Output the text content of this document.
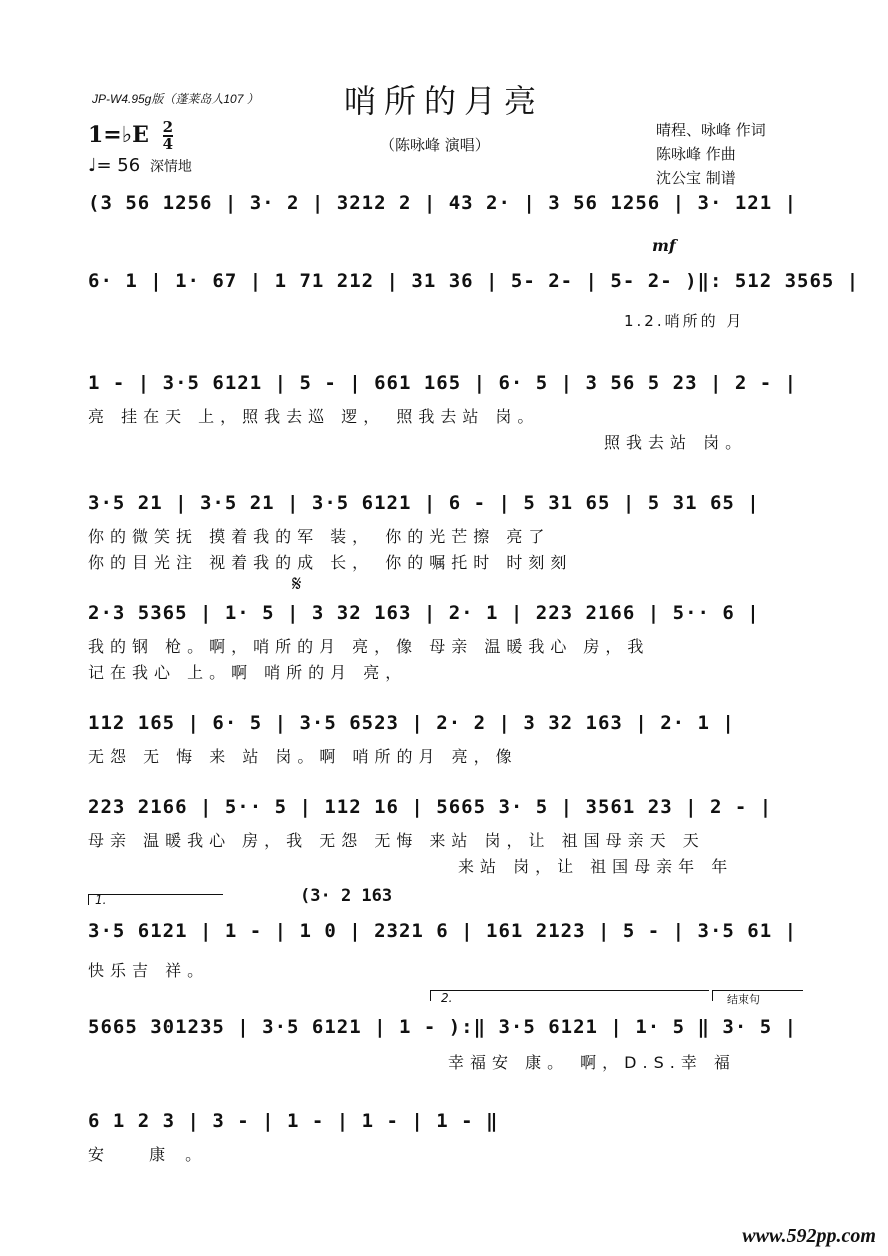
JP-W4.95g版（蓬莱岛人107 ）	哨所的月亮
（陈咏峰 演唱）
1=♭E $\frac{2}{4}$
♩= 56 深情地
晴程、咏峰 作词
陈咏峰 作曲
沈公宝 制谱
(3 56 1256 | 3· 2 | 3212 2 | 43 2· | 3 56 1256 | 3· 121 |
mf
6· 1 | 1· 67 | 1 71 212 | 31 36 | 5- 2- | 5- 2- )‖: 512 3565 |
1.2.哨所的 月
1 - | 3·5 6121 | 5 - | 661 165 | 6· 5 | 3 56 5 23 | 2 - |
亮 挂在天 上，照我去巡 逻， 照我去站 岗。
照我去站 岗。
3·5 21 | 3·5 21 | 3·5 6121 | 6 - | 5 31 65 | 5 31 65 |
你的微笑抚 摸着我的军 装， 你的光芒擦 亮了
你的目光注 视着我的成 长， 你的嘱托时 时刻刻
𝄋
2·3 5365 | 1· 5 | 3 32 163 | 2· 1 | 223 2166 | 5·· 6 |
我的钢 枪。啊，哨所的月 亮，像 母亲 温暖我心 房，我
记在我心 上。啊 哨所的月 亮，
112 165 | 6· 5 | 3·5 6523 | 2· 2 | 3 32 163 | 2· 1 |
无怨 无 悔 来 站 岗。啊 哨所的月 亮，像
223 2166 | 5·· 5 | 112 16 | 5665 3· 5 | 3561 23 | 2 - |
母亲 温暖我心 房，我 无怨 无悔 来站 岗，让 祖国母亲天 天
来站 岗，让 祖国母亲年 年
1.	(3· 2 163
3·5 6121 | 1 - | 1 0 | 2321 6 | 161 2123 | 5 - | 3·5 61 |
快乐吉 祥。
2.	结束句
5665 301235 | 3·5 6121 | 1 - ):‖ 3·5 6121 | 1· 5 ‖ 3· 5 |
幸福安 康。 啊，D.S.幸 福
6 1 2 3 | 3 - | 1 - | 1 - | 1 - ‖
安 康。
www.592pp.com
